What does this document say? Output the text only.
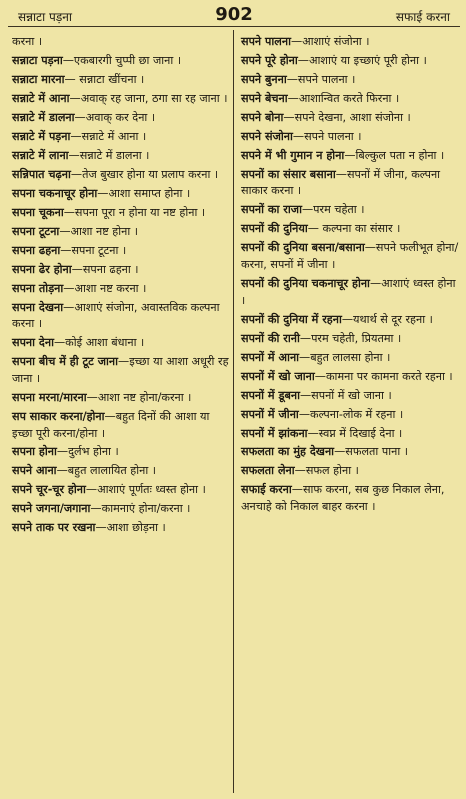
सन्नाटा पड़ना	902	सफाई करना
करना ।
सन्नाटा पड़ना—एकबारगी चुप्पी छा जाना ।
सन्नाटा मारना— सन्नाटा खींचना ।
सन्नाटे में आना—अवाक् रह जाना, ठगा सा रह जाना ।
सन्नाटे में डालना—अवाक् कर देना ।
सन्नाटे में पड़ना—सन्नाटे में आना ।
सन्नाटे में लाना—सन्नाटे में डालना ।
सन्निपात चढ़ना—तेज बुखार होना या प्रलाप करना ।
सपना चकनाचूर होना—आशा समाप्त होना ।
सपना चूकना—सपना पूरा न होना या नष्ट होना ।
सपना टूटना—आशा नष्ट होना ।
सपना ढहना—सपना टूटना ।
सपना ढेर होना—सपना ढहना ।
सपना तोड़ना—आशा नष्ट करना ।
सपना देखना—आशाएं संजोना, अवास्तविक कल्पना करना ।
सपना देना—कोई आशा बंधाना ।
सपना बीच में ही टूट जाना—इच्छा या आशा अधूरी रह जाना ।
सपना मरना/मारना—आशा नष्ट होना/करना ।
सप साकार करना/होना—बहुत दिनों की आशा या इच्छा पूरी करना/होना ।
सपना होना—दुर्लभ होना ।
सपने आना—बहुत लालायित होना ।
सपने चूर-चूर होना—आशाएं पूर्णतः ध्वस्त होना ।
सपने जगना/जगाना—कामनाएं होना/करना ।
सपने ताक पर रखना—आशा छोड़ना ।
सपने पालना—आशाएं संजोना ।
सपने पूरे होना—आशाएं या इच्छाएं पूरी होना ।
सपने बुनना—सपने पालना ।
सपने बेचना—आशान्वित करते फिरना ।
सपने बोना—सपने देखना, आशा संजोना ।
सपने संजोना—सपने पालना ।
सपने में भी गुमान न होना—बिल्कुल पता न होना ।
सपनों का संसार बसाना—सपनों में जीना, कल्पना साकार करना ।
सपनों का राजा—परम चहेता ।
सपनों की दुनिया— कल्पना का संसार ।
सपनों की दुनिया बसना/बसाना—सपने फलीभूत होना/करना, सपनों में जीना ।
सपनों की दुनिया चकनाचूर होना—आशाएं ध्वस्त होना ।
सपनों की दुनिया में रहना—यथार्थ से दूर रहना ।
सपनों की रानी—परम चहेती, प्रियतमा ।
सपनों में आना—बहुत लालसा होना ।
सपनों में खो जाना—कामना पर कामना करते रहना ।
सपनों में डूबना—सपनों में खो जाना ।
सपनों में जीना—कल्पना-लोक में रहना ।
सपनों में झांकना—स्वप्न में दिखाई देना ।
सफलता का मुंह देखना—सफलता पाना ।
सफलता लेना—सफल होना ।
सफाई करना—साफ करना, सब कुछ निकाल लेना, अनचाहे को निकाल बाहर करना ।
